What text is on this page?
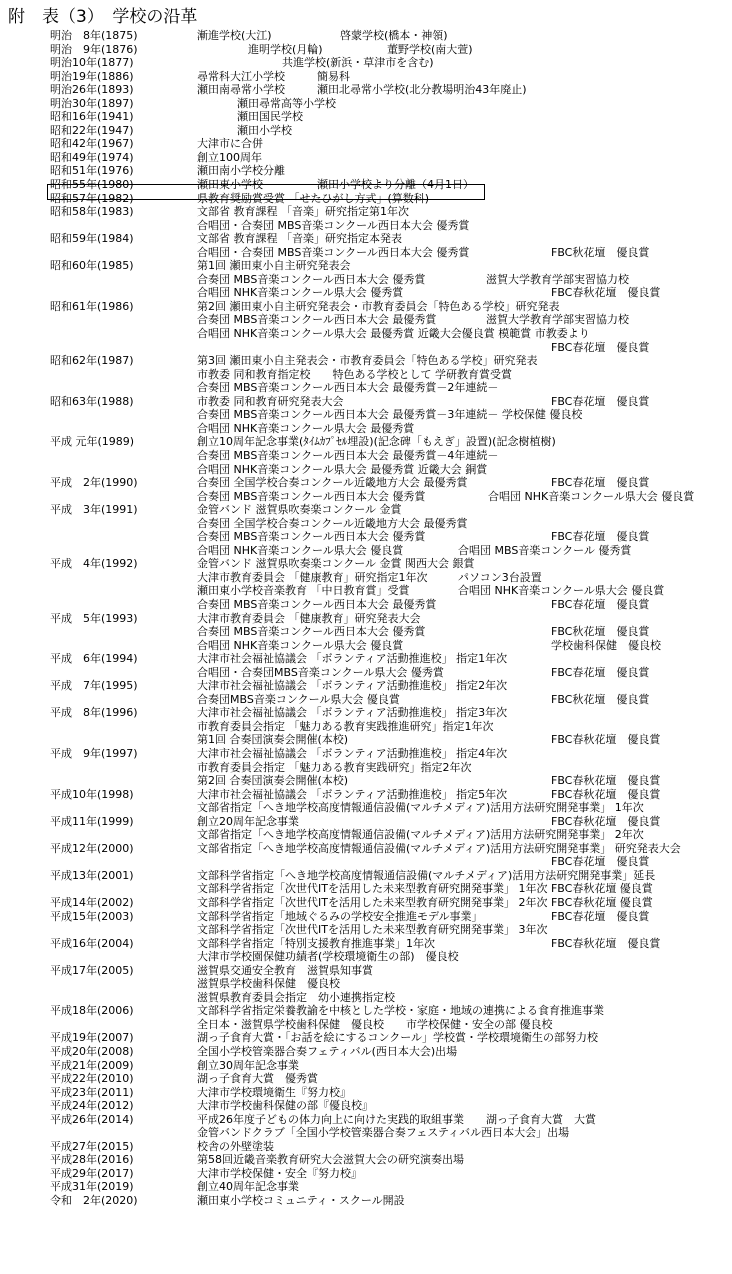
附　表（3）　学校の沿革
明治　8年(1875)	漸進学校(大江)	啓蒙学校(橋本・神領)
明治　9年(1876)	進明学校(月輪)	董野学校(南大萱)
明治10年(1877)	共進学校(新浜・草津市を含む)
明治19年(1886)	尋常科大江小学校	簡易科
明治26年(1893)	瀬田南尋常小学校	瀬田北尋常小学校(北分教場明治43年廃止)
明治30年(1897)	瀬田尋常高等小学校
昭和16年(1941)	瀬田国民学校
昭和22年(1947)	瀬田小学校
昭和42年(1967)	大津市に合併
昭和49年(1974)	創立100周年
昭和51年(1976)	瀬田南小学校分離
昭和55年(1980)	瀬田東小学校	瀬田小学校より分離（4月1日）
昭和57年(1982)	県教育奨励賞受賞 「せたひがし方式」(算数科)
昭和58年(1983)	文部省 教育課程 「音楽」研究指定第1年次
合唱団・合奏団 MBS音楽コンクール西日本大会 優秀賞
昭和59年(1984)	文部省 教育課程 「音楽」研究指定本発表
合唱団・合奏団 MBS音楽コンクール西日本大会 優秀賞	FBC秋花壇　優良賞
昭和60年(1985)	第1回 瀬田東小自主研究発表会
合奏団 MBS音楽コンクール西日本大会 優秀賞	滋賀大学教育学部実習協力校
合唱団 NHK音楽コンクール県大会 優秀賞	FBC春秋花壇　優良賞
昭和61年(1986)	第2回 瀬田東小自主研究発表会・市教育委員会「特色ある学校」研究発表
合奏団 MBS音楽コンクール西日本大会 最優秀賞	滋賀大学教育学部実習協力校
合唱団 NHK音楽コンクール県大会 最優秀賞 近畿大会優良賞 模範賞 市教委より
FBC春花壇　優良賞
昭和62年(1987)	第3回 瀬田東小自主発表会・市教育委員会「特色ある学校」研究発表
市教委 同和教育指定校　　特色ある学校として 学研教育賞受賞
合奏団 MBS音楽コンクール西日本大会 最優秀賞－2年連続－
昭和63年(1988)	市教委 同和教育研究発表大会	FBC春花壇　優良賞
合奏団 MBS音楽コンクール西日本大会 最優秀賞－3年連続－ 学校保健 優良校
合唱団 NHK音楽コンクール県大会 最優秀賞
平成 元年(1989)	創立10周年記念事業(ﾀｲﾑｶﾌﾟｾﾙ埋設)(記念碑「もえぎ」設置)(記念樹植樹)
合奏団 MBS音楽コンクール西日本大会 最優秀賞－4年連続－
合唱団 NHK音楽コンクール県大会 最優秀賞 近畿大会 銅賞
平成　2年(1990)	合奏団 全国学校合奏コンクール近畿地方大会 最優秀賞	FBC春花壇　優良賞
合奏団 MBS音楽コンクール西日本大会 優秀賞	合唱団 NHK音楽コンクール県大会 優良賞
平成　3年(1991)	金管バンド 滋賀県吹奏楽コンクール 金賞
合奏団 全国学校合奏コンクール近畿地方大会 最優秀賞
合奏団 MBS音楽コンクール西日本大会 優秀賞	FBC春花壇　優良賞
合唱団 NHK音楽コンクール県大会 優良賞	合唱団 MBS音楽コンクール 優秀賞
平成　4年(1992)	金管バンド 滋賀県吹奏楽コンクール 金賞 関西大会 銀賞
大津市教育委員会 「健康教育」研究指定1年次	パソコン3台設置
瀬田東小学校音楽教育 「中日教育賞」受賞	合唱団 NHK音楽コンクール県大会 優良賞
合奏団 MBS音楽コンクール西日本大会 最優秀賞	FBC春花壇　優良賞
平成　5年(1993)	大津市教育委員会 「健康教育」研究発表大会
合奏団 MBS音楽コンクール西日本大会 優秀賞	FBC秋花壇　優良賞
合唱団 NHK音楽コンクール県大会 優良賞	学校歯科保健　優良校
平成　6年(1994)	大津市社会福祉協議会 「ボランティア活動推進校」 指定1年次
合唱団・合奏団MBS音楽コンクール県大会 優秀賞	FBC春花壇　優良賞
平成　7年(1995)	大津市社会福祉協議会 「ボランティア活動推進校」 指定2年次
合奏団MBS音楽コンクール県大会 優良賞	FBC秋花壇　優良賞
平成　8年(1996)	大津市社会福祉協議会 「ボランティア活動推進校」 指定3年次
市教育委員会指定 「魅力ある教育実践推進研究」指定1年次
第1回 合奏団演奏会開催(本校)	FBC春秋花壇　優良賞
平成　9年(1997)	大津市社会福祉協議会 「ボランティア活動推進校」 指定4年次
市教育委員会指定 「魅力ある教育実践研究」指定2年次
第2回 合奏団演奏会開催(本校)	FBC春秋花壇　優良賞
平成10年(1998)	大津市社会福祉協議会 「ボランティア活動推進校」 指定5年次	FBC春秋花壇　優良賞
文部省指定「へき地学校高度情報通信設備(マルチメディア)活用方法研究開発事業」 1年次
平成11年(1999)	創立20周年記念事業	FBC春秋花壇　優良賞
文部省指定「へき地学校高度情報通信設備(マルチメディア)活用方法研究開発事業」 2年次
平成12年(2000)	文部省指定「へき地学校高度情報通信設備(マルチメディア)活用方法研究開発事業」 研究発表大会
FBC春花壇　優良賞
平成13年(2001)	文部科学省指定「へき地学校高度情報通信設備(マルチメディア)活用方法研究開発事業」延長
文部科学省指定「次世代ITを活用した未来型教育研究開発事業」 1年次 FBC春秋花壇 優良賞
平成14年(2002)	文部科学省指定「次世代ITを活用した未来型教育研究開発事業」 2年次 FBC春秋花壇 優良賞
平成15年(2003)	文部科学省指定「地域ぐるみの学校安全推進モデル事業」	FBC春花壇　優良賞
文部科学省指定「次世代ITを活用した未来型教育研究開発事業」 3年次
平成16年(2004)	文部科学省指定「特別支援教育推進事業」1年次	FBC春秋花壇　優良賞
大津市学校園保健功績者(学校環境衛生の部)　優良校
平成17年(2005)	滋賀県交通安全教育　滋賀県知事賞
滋賀県学校歯科保健　優良校
滋賀県教育委員会指定　幼小連携指定校
平成18年(2006)	文部科学省指定栄養教諭を中核とした学校・家庭・地域の連携による食育推進事業
全日本・滋賀県学校歯科保健　優良校　　市学校保健・安全の部 優良校
平成19年(2007)	湖っ子食育大賞・「お話を絵にするコンクール」学校賞・学校環境衛生の部努力校
平成20年(2008)	全国小学校管楽器合奏フェティバル(西日本大会)出場
平成21年(2009)	創立30周年記念事業
平成22年(2010)	湖っ子食育大賞　優秀賞
平成23年(2011)	大津市学校環境衛生『努力校』
平成24年(2012)	大津市学校歯科保健の部『優良校』
平成26年(2014)	平成26年度子どもの体力向上に向けた実践的取組事業　　湖っ子食育大賞　大賞
金管バンドクラブ「全国小学校管楽器合奏フェスティバル西日本大会」出場
平成27年(2015)	校舎の外壁塗装
平成28年(2016)	第58回近畿音楽教育研究大会滋賀大会の研究演奏出場
平成29年(2017)	大津市学校保健・安全『努力校』
平成31年(2019)	創立40周年記念事業
令和　2年(2020)	瀬田東小学校コミュニティ・スクール開設
